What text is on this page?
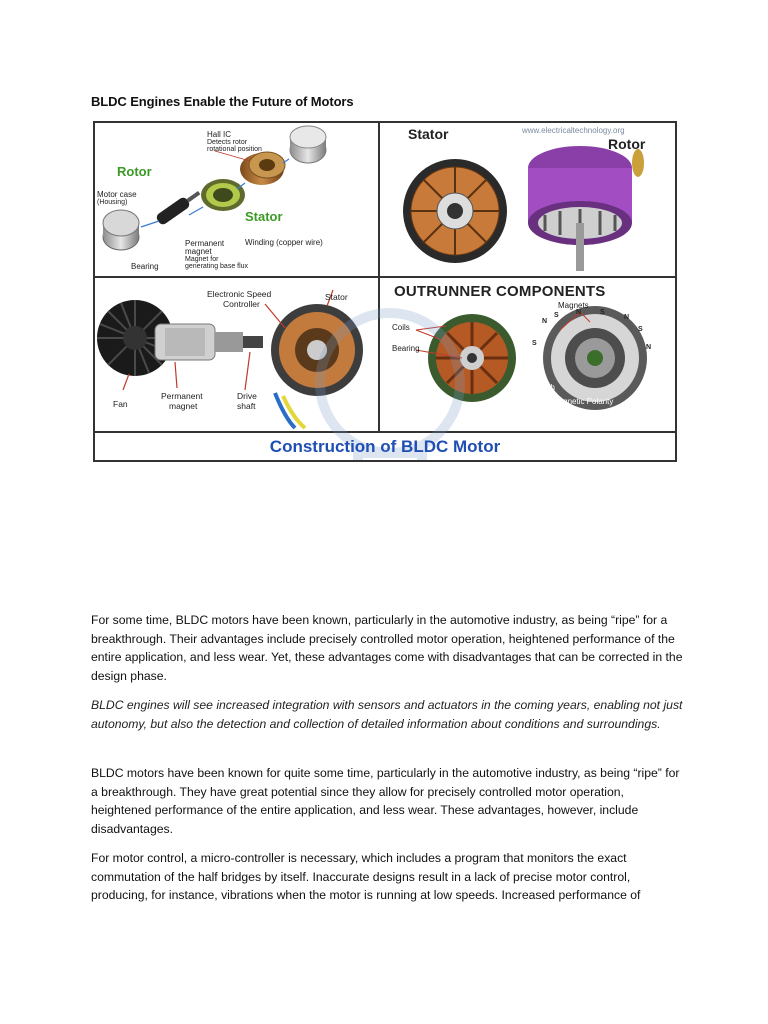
BLDC Engines Enable the Future of Motors
Rotor
Hall IC
Detects rotor
rotational position
Motor case
(Housing)
Stator
Permanent
magnet
Magnet for
generating base flux
Winding (copper wire)
Bearing
Stator
Rotor
www.electricaltechnology.org
Electronic Speed
Controller
Stator
Fan
Permanent
magnet
Drive
shaft
OUTRUNNER COMPONENTS
Magnets
Coils
Bearing
Stator Teeth
(each lobe)
Stator Stack
(entire object)
Magnetic Polarity
N
S N	S
N
S
N
S
Construction of BLDC Motor

For some time, BLDC motors have been known, particularly in the automotive industry, as being “ripe” for a breakthrough. Their advantages include precisely controlled motor operation, heightened performance of the entire application, and less wear. Yet, these advantages come with disadvantages that can be corrected in the design phase.

BLDC engines will see increased integration with sensors and actuators in the coming years, enabling not just autonomy, but also the detection and collection of detailed information about conditions and surroundings.

BLDC motors have been known for quite some time, particularly in the automotive industry, as being “ripe” for a breakthrough. They have great potential since they allow for precisely controlled motor operation, heightened performance of the entire application, and less wear. These advantages, however, include disadvantages.

For motor control, a micro-controller is necessary, which includes a program that monitors the exact commutation of the half bridges by itself. Inaccurate designs result in a lack of precise motor control, producing, for instance, vibrations when the motor is running at low speeds. Increased performance of
